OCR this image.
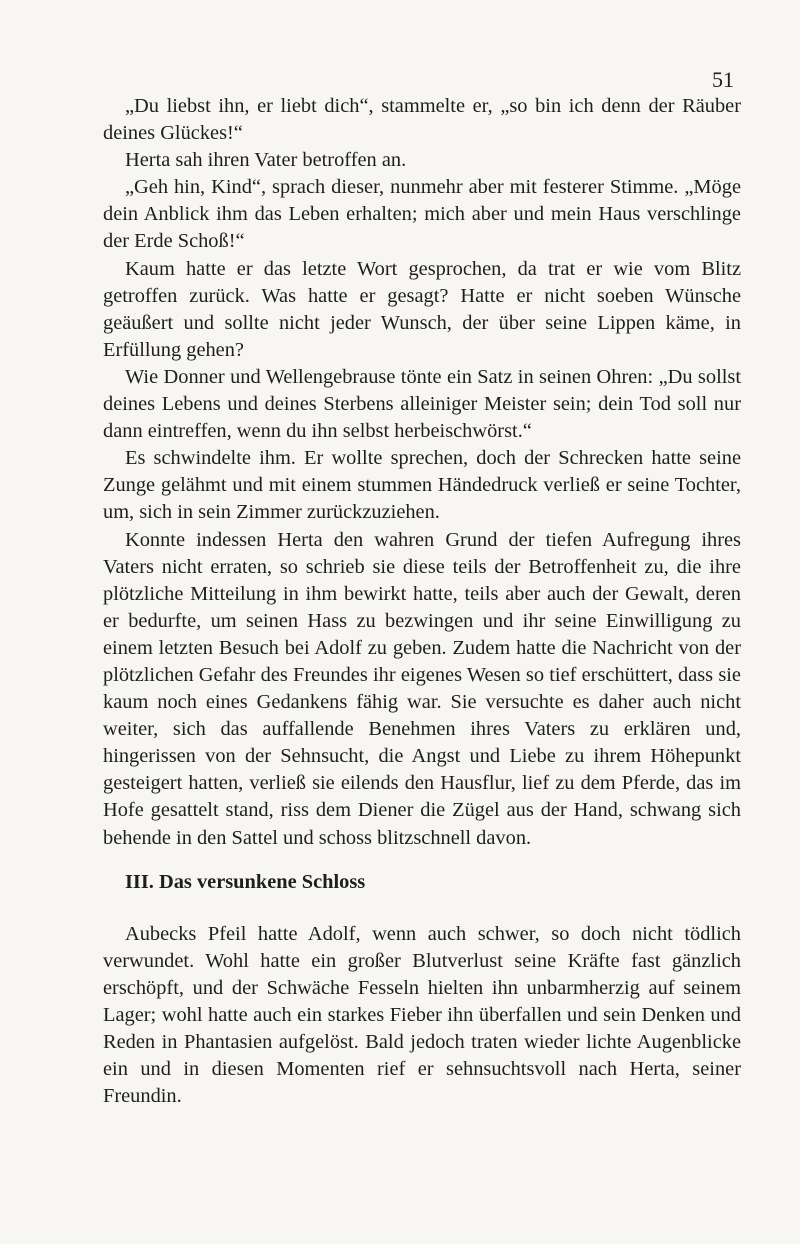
51

„Du liebst ihn, er liebt dich“, stammelte er, „so bin ich denn der Räuber deines Glückes!“

Herta sah ihren Vater betroffen an.

„Geh hin, Kind“, sprach dieser, nunmehr aber mit festerer Stimme. „Möge dein Anblick ihm das Leben erhalten; mich aber und mein Haus verschlinge der Erde Schoß!“

Kaum hatte er das letzte Wort gesprochen, da trat er wie vom Blitz getroffen zurück. Was hatte er gesagt? Hatte er nicht soeben Wünsche geäußert und sollte nicht jeder Wunsch, der über seine Lippen käme, in Erfüllung gehen?

Wie Donner und Wellengebrause tönte ein Satz in seinen Ohren: „Du sollst deines Lebens und deines Sterbens alleiniger Meister sein; dein Tod soll nur dann eintreffen, wenn du ihn selbst herbeischwörst.“

Es schwindelte ihm. Er wollte sprechen, doch der Schrecken hatte seine Zunge gelähmt und mit einem stummen Händedruck verließ er seine Tochter, um, sich in sein Zimmer zurückzuziehen.

Konnte indessen Herta den wahren Grund der tiefen Aufregung ihres Vaters nicht erraten, so schrieb sie diese teils der Betroffenheit zu, die ihre plötzliche Mitteilung in ihm bewirkt hatte, teils aber auch der Gewalt, deren er bedurfte, um seinen Hass zu bezwingen und ihr seine Einwilligung zu einem letzten Besuch bei Adolf zu geben. Zudem hatte die Nachricht von der plötzlichen Gefahr des Freundes ihr eigenes Wesen so tief erschüttert, dass sie kaum noch eines Gedankens fähig war. Sie versuchte es daher auch nicht weiter, sich das auffallende Benehmen ihres Vaters zu erklären und, hingerissen von der Sehnsucht, die Angst und Liebe zu ihrem Höhepunkt gesteigert hatten, verließ sie eilends den Hausflur, lief zu dem Pferde, das im Hofe gesattelt stand, riss dem Diener die Zügel aus der Hand, schwang sich behende in den Sattel und schoss blitzschnell davon.

III. Das versunkene Schloss

Aubecks Pfeil hatte Adolf, wenn auch schwer, so doch nicht tödlich verwundet. Wohl hatte ein großer Blutverlust seine Kräfte fast gänzlich erschöpft, und der Schwäche Fesseln hielten ihn unbarmherzig auf seinem Lager; wohl hatte auch ein starkes Fieber ihn überfallen und sein Denken und Reden in Phantasien aufgelöst. Bald jedoch traten wieder lichte Augenblicke ein und in diesen Momenten rief er sehnsuchtsvoll nach Herta, seiner Freundin.
